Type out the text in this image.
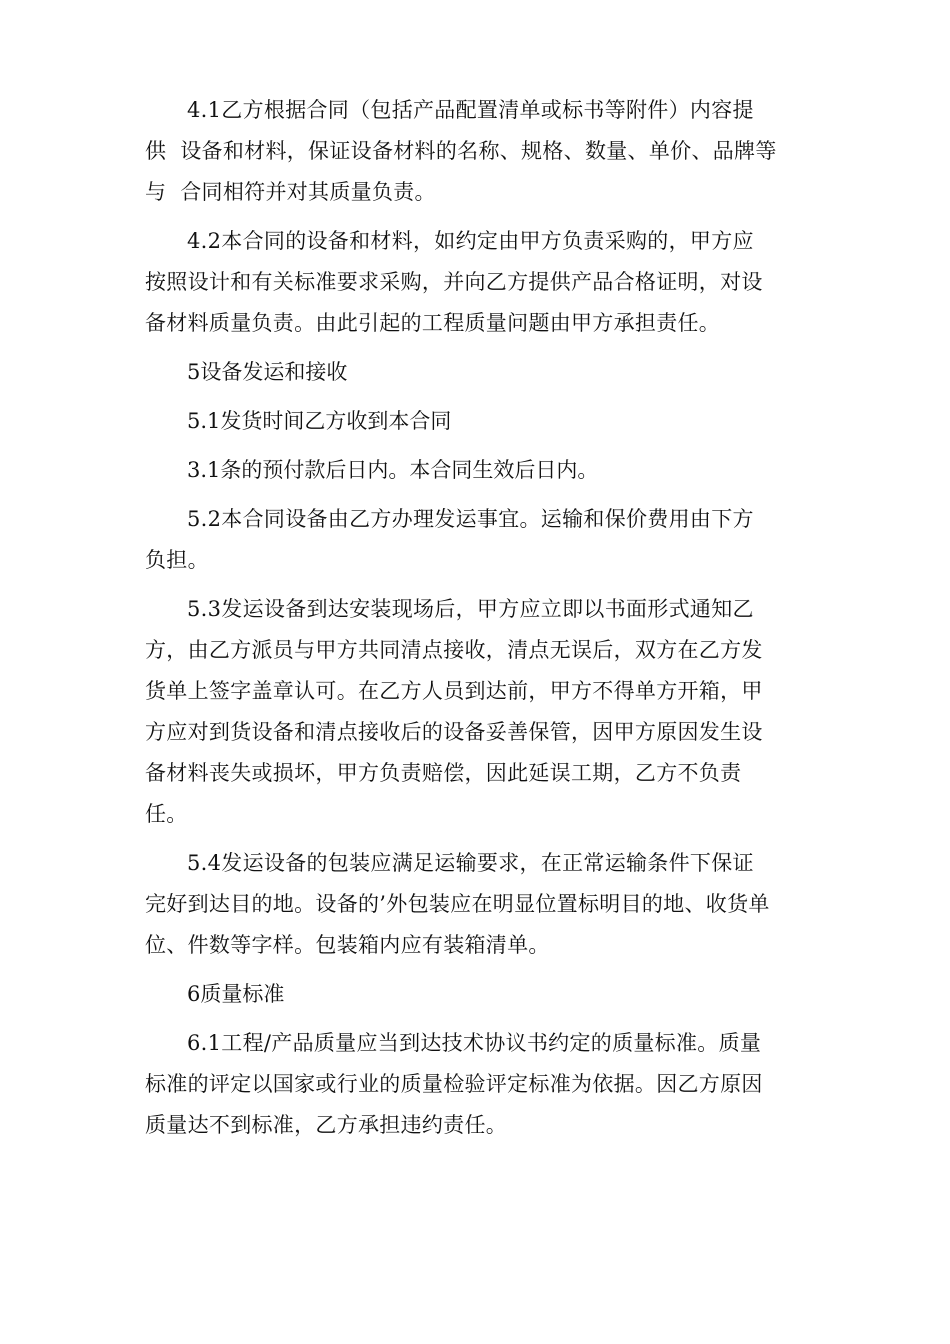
4.1乙方根据合同（包括产品配置清单或标书等附件）内容提
供  设备和材料，保证设备材料的名称、规格、数量、单价、品牌等
与  合同相符并对其质量负责。

4.2本合同的设备和材料，如约定由甲方负责采购的，甲方应
按照设计和有关标准要求采购，并向乙方提供产品合格证明，对设
备材料质量负责。由此引起的工程质量问题由甲方承担责任。

5设备发运和接收

5.1发货时间乙方收到本合同

3.1条的预付款后日内。本合同生效后日内。

5.2本合同设备由乙方办理发运事宜。运输和保价费用由下方
负担。

5.3发运设备到达安装现场后，甲方应立即以书面形式通知乙
方，由乙方派员与甲方共同清点接收，清点无误后，双方在乙方发
货单上签字盖章认可。在乙方人员到达前，甲方不得单方开箱，甲
方应对到货设备和清点接收后的设备妥善保管，因甲方原因发生设
备材料丧失或损坏，甲方负责赔偿，因此延误工期，乙方不负责
任。

5.4发运设备的包装应满足运输要求，在正常运输条件下保证
完好到达目的地。设备的’外包装应在明显位置标明目的地、收货单
位、件数等字样。包装箱内应有装箱清单。

6质量标准

6.1工程/产品质量应当到达技术协议书约定的质量标准。质量
标准的评定以国家或行业的质量检验评定标准为依据。因乙方原因
质量达不到标准，乙方承担违约责任。
